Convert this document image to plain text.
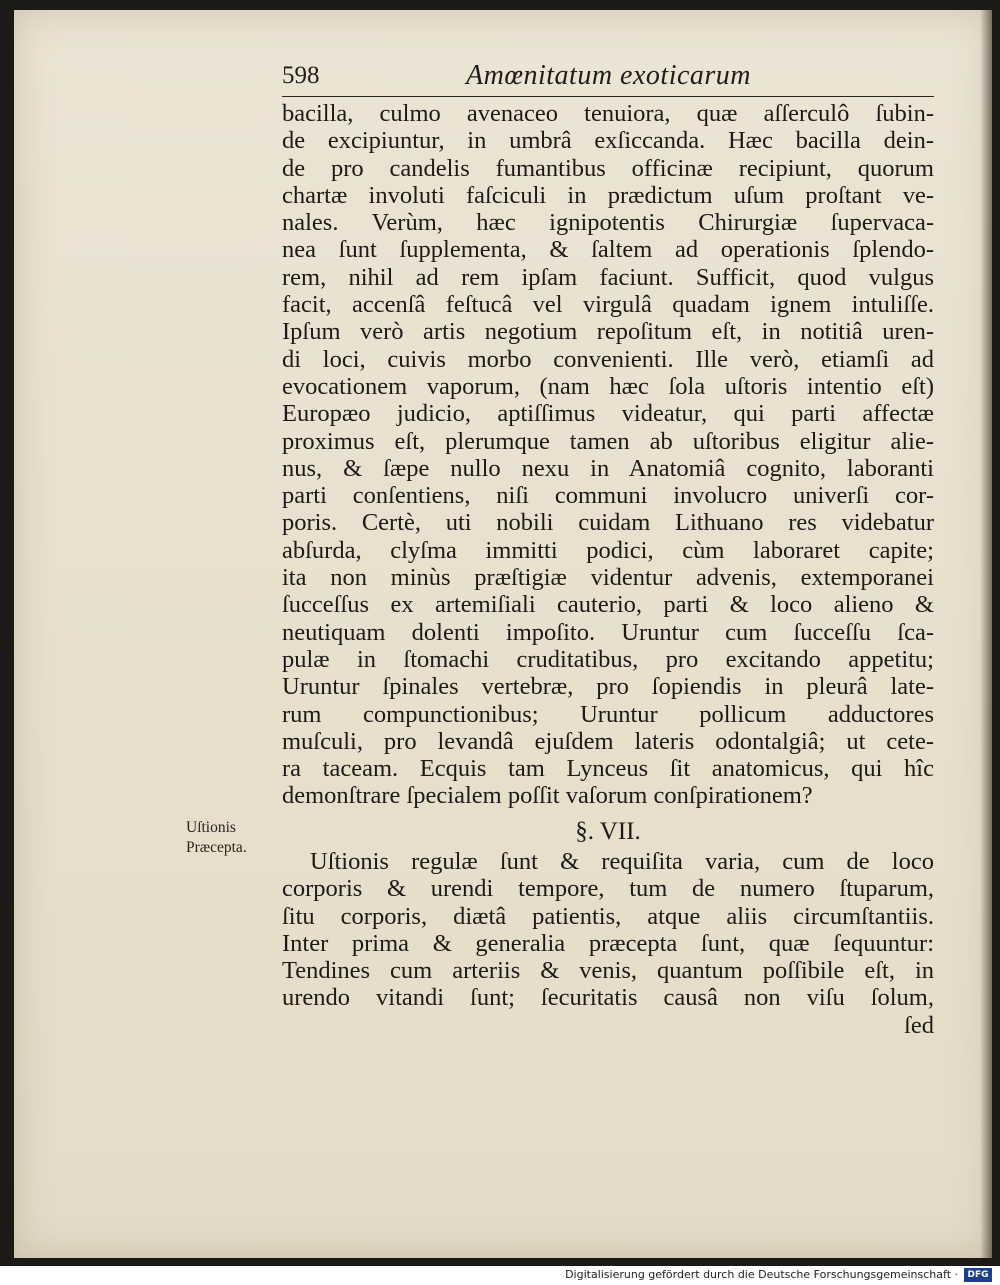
598	Amœnitatum exoticarum
bacilla, culmo avenaceo tenuiora, quæ aſſerculô ſubin-
de excipiuntur, in umbrâ exſiccanda. Hæc bacilla dein-
de pro candelis fumantibus officinæ recipiunt, quorum
chartæ involuti faſciculi in prædictum uſum proſtant ve-
nales. Verùm, hæc ignipotentis Chirurgiæ ſupervaca-
nea ſunt ſupplementa, & ſaltem ad operationis ſplendo-
rem, nihil ad rem ipſam faciunt. Sufficit, quod vulgus
facit, accenſâ feſtucâ vel virgulâ quadam ignem intuliſſe.
Ipſum verò artis negotium repoſitum eſt, in notitiâ uren-
di loci, cuivis morbo convenienti. Ille verò, etiamſi ad
evocationem vaporum, (nam hæc ſola uſtoris intentio eſt)
Europæo judicio, aptiſſimus videatur, qui parti affectæ
proximus eſt, plerumque tamen ab uſtoribus eligitur alie-
nus, & ſæpe nullo nexu in Anatomiâ cognito, laboranti
parti conſentiens, niſi communi involucro univerſi cor-
poris. Certè, uti nobili cuidam Lithuano res videbatur
abſurda, clyſma immitti podici, cùm laboraret capite;
ita non minùs præſtigiæ videntur advenis, extemporanei
ſucceſſus ex artemiſiali cauterio, parti & loco alieno &
neutiquam dolenti impoſito. Uruntur cum ſucceſſu ſca-
pulæ in ſtomachi cruditatibus, pro excitando appetitu;
Uruntur ſpinales vertebræ, pro ſopiendis in pleurâ late-
rum compunctionibus; Uruntur pollicum adductores
muſculi, pro levandâ ejuſdem lateris odontalgiâ; ut cete-
ra taceam. Ecquis tam Lynceus ſit anatomicus, qui hîc
demonſtrare ſpecialem poſſit vaſorum conſpirationem?
Uſtionis
Præcepta.
§. VII.
Uſtionis regulæ ſunt & requiſita varia, cum de loco
corporis & urendi tempore, tum de numero ſtuparum,
ſitu corporis, diætâ patientis, atque aliis circumſtantiis.
Inter prima & generalia præcepta ſunt, quæ ſequuntur:
Tendines cum arteriis & venis, quantum poſſibile eſt, in
urendo vitandi ſunt; ſecuritatis causâ non viſu ſolum,
ſed
Digitalisierung gefördert durch die Deutsche Forschungsgemeinschaft ·	DFG
